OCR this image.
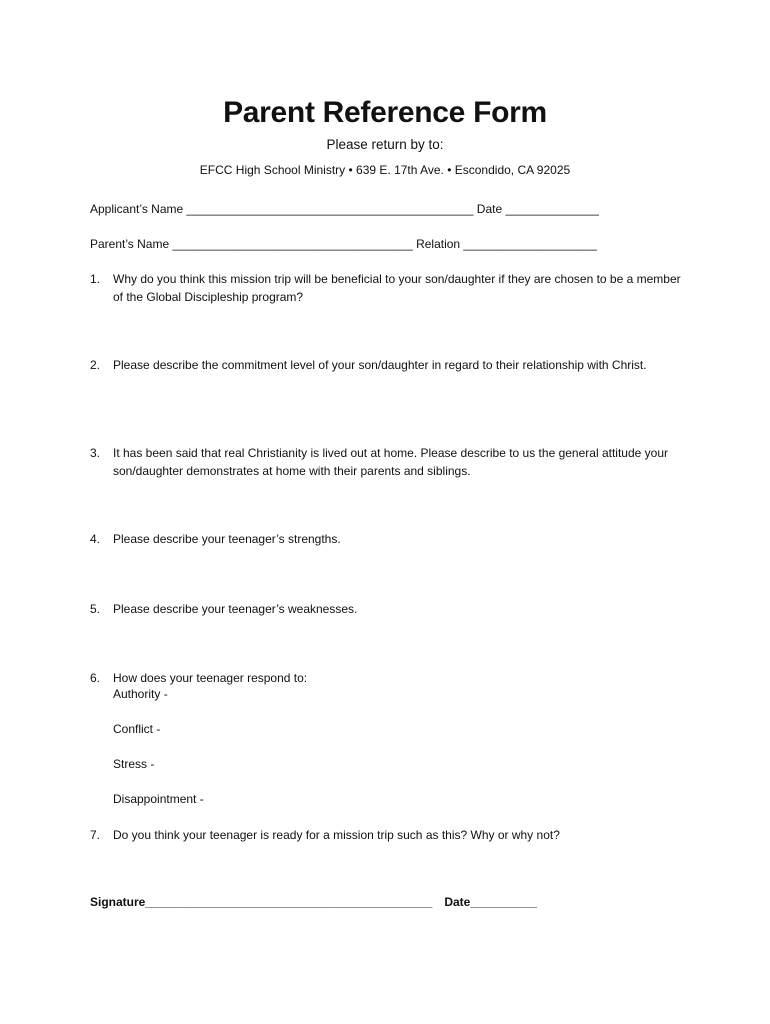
Parent Reference Form
Please return by to:
EFCC High School Ministry • 639 E. 17th Ave. • Escondido, CA 92025
Applicant’s Name ___________________________________________ Date ______________
Parent’s Name ____________________________________ Relation ____________________
1. Why do you think this mission trip will be beneficial to your son/daughter if they are chosen to be a member of the Global Discipleship program?
2. Please describe the commitment level of your son/daughter in regard to their relationship with Christ.
3. It has been said that real Christianity is lived out at home. Please describe to us the general attitude your son/daughter demonstrates at home with their parents and siblings.
4. Please describe your teenager’s strengths.
5. Please describe your teenager’s weaknesses.
6. How does your teenager respond to:
Authority -
Conflict -
Stress -
Disappointment -
7. Do you think your teenager is ready for a mission trip such as this? Why or why not?
Signature___________________________________________ Date__________
